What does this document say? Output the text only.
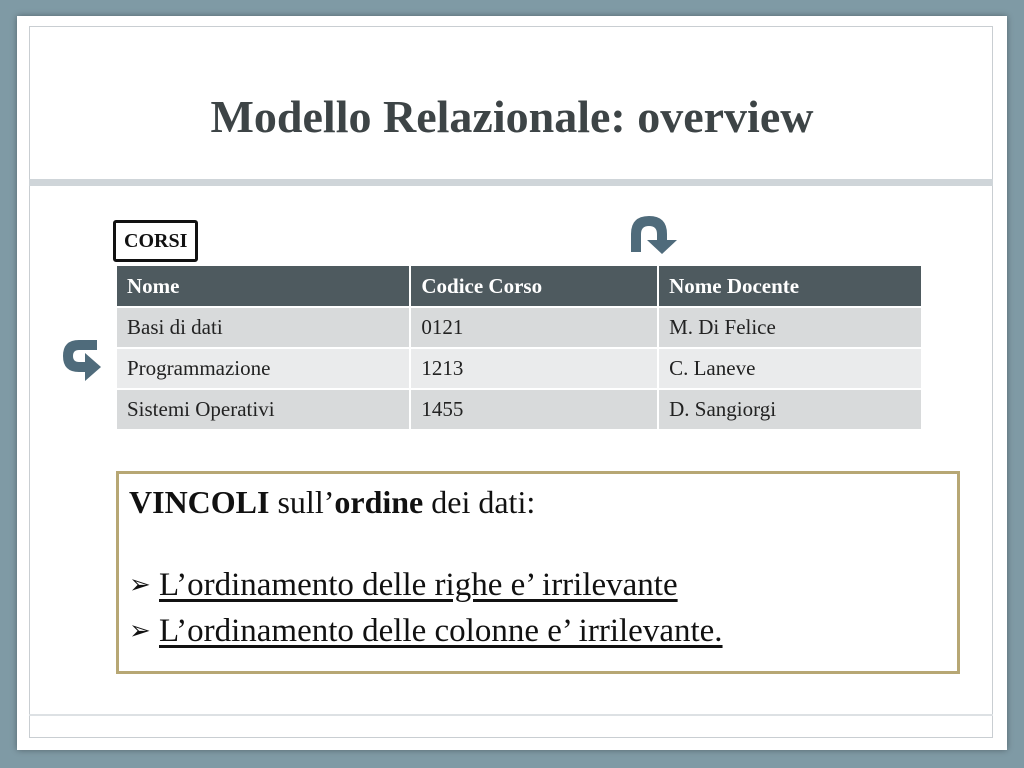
Modello Relazionale: overview
CORSI
Nome	Codice Corso	Nome Docente
Basi di dati	0121	M. Di Felice
Programmazione	1213	C. Laneve
Sistemi Operativi	1455	D. Sangiorgi
VINCOLI sull’ordine dei dati:
➢ L’ordinamento delle righe e’ irrilevante
➢ L’ordinamento delle colonne e’ irrilevante.
